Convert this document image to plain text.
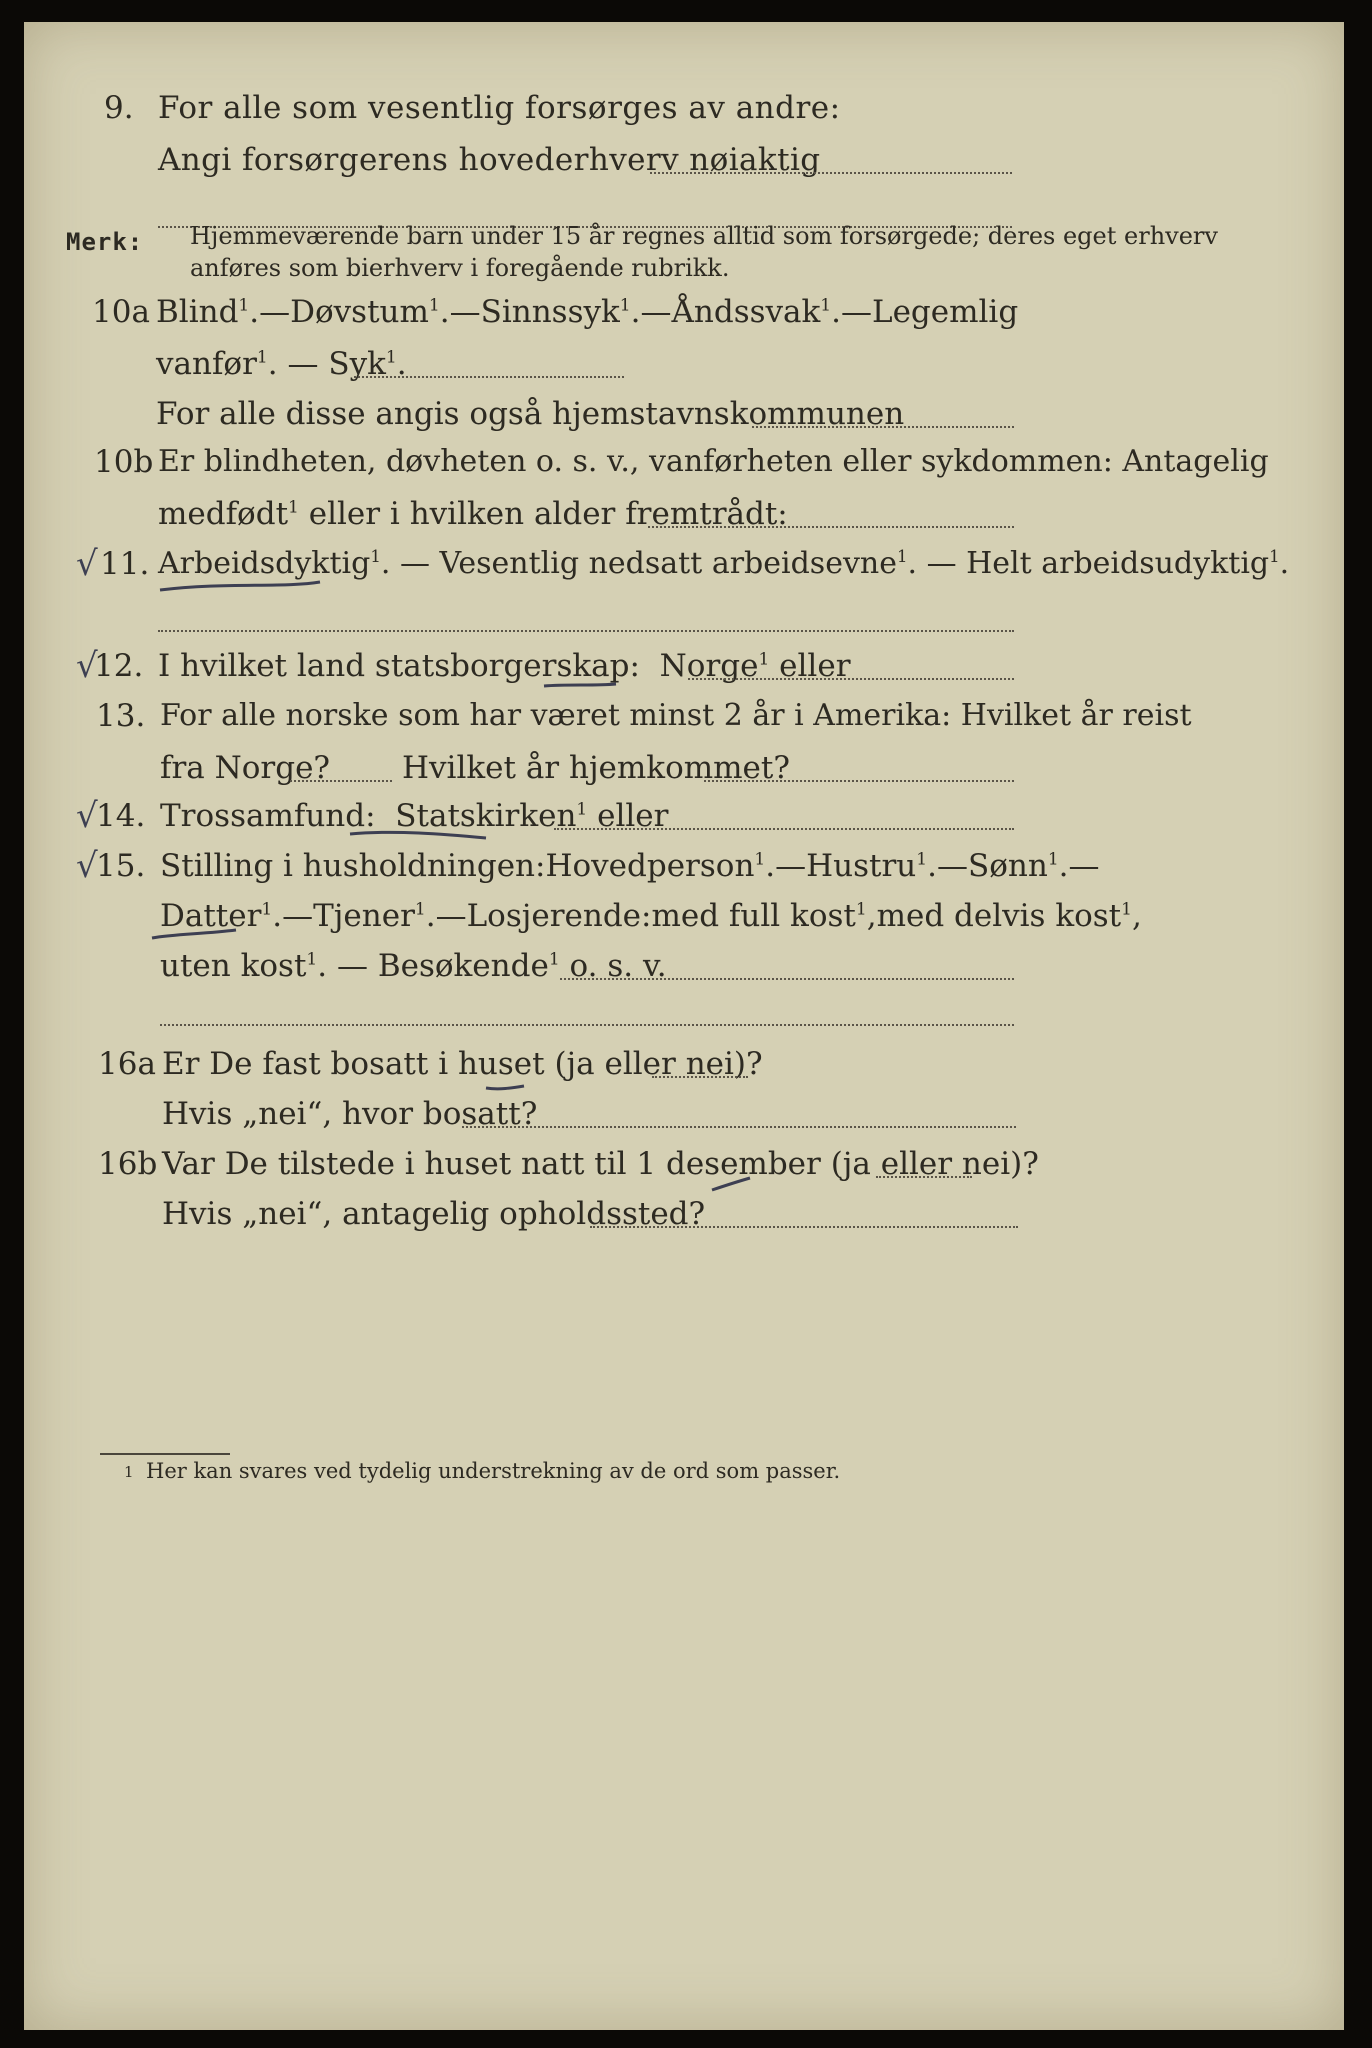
9. For alle som vesentlig forsørges av andre:
Angi forsørgerens hovederhverv nøiaktig
Merk: Hjemmeværende barn under 15 år regnes alltid som forsørgede; deres eget erhverv
anføres som bierhverv i foregående rubrikk.
10a Blind$^1$. — Døvstum$^1$. — Sinnssyk$^1$. — Åndssvak$^1$. — Legemlig
vanfør$^1$. — Syk$^1$.
For alle disse angis også hjemstavnskommunen
10b Er blindheten, døvheten o. s. v., vanførheten eller sykdommen: Antagelig
medfødt$^1$ eller i hvilken alder fremtrådt:
√ 11. Arbeidsdyktig$^1$. — Vesentlig nedsatt arbeidsevne$^1$. — Helt arbeidsudyktig$^1$.
√
12. I hvilket land statsborgerskap: Norge$^1$ eller
13. For alle norske som har været minst 2 år i Amerika: Hvilket år reist
fra Norge? Hvilket år hjemkommet?
√
14. Trossamfund: Statskirken$^1$ eller
√
15. Stilling i husholdningen: Hovedperson$^1$. — Hustru$^1$. — Sønn$^1$. —
Datter$^1$. — Tjener$^1$. — Losjerende: med full kost$^1$, med delvis kost$^1$,
uten kost$^1$. — Besøkende$^1$ o. s. v.
16a Er De fast bosatt i huset (ja eller nei)?
Hvis „nei“, hvor bosatt?
16b Var De tilstede i huset natt til 1 desember (ja eller nei)?
Hvis „nei“, antagelig opholdssted?
1 Her kan svares ved tydelig understrekning av de ord som passer.
